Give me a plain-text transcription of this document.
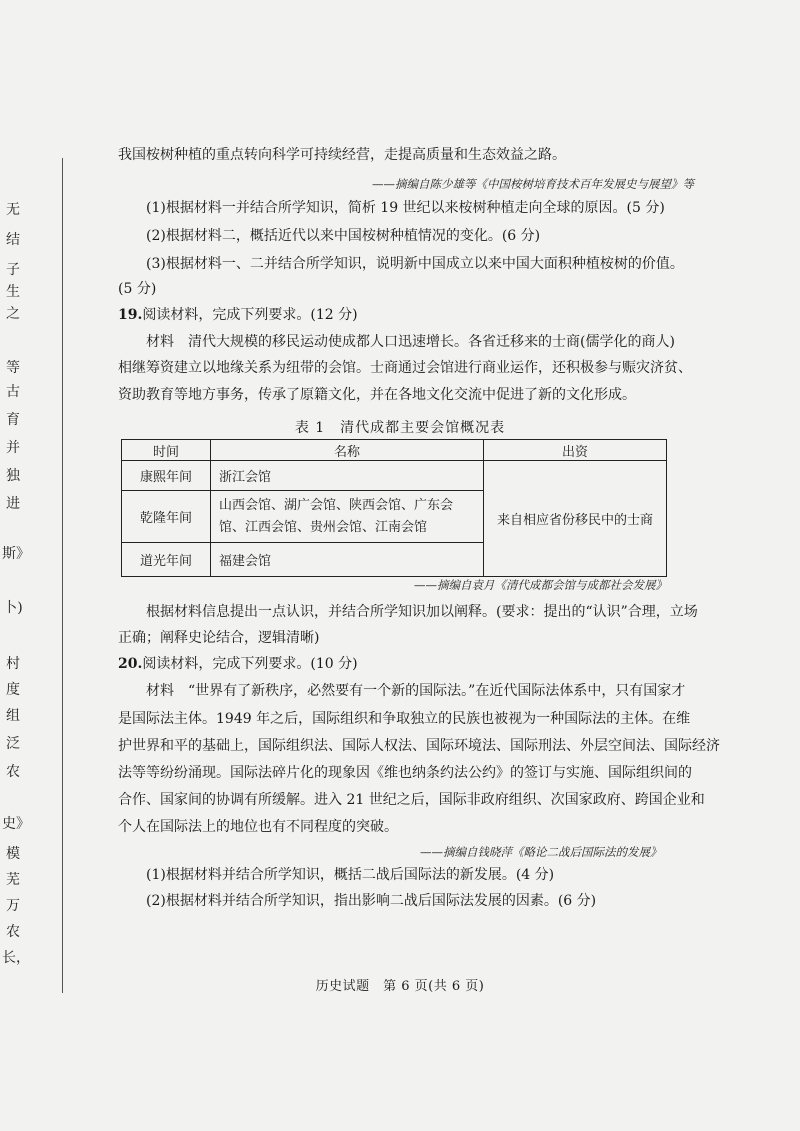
无
结
子
生
之
等
古
育
并
独
进
斯》
卜)
村
度
组
泛
农
史》
模
芜
万
农
长，
我国桉树种植的重点转向科学可持续经营，走提高质量和生态效益之路。
——摘编自陈少雄等《中国桉树培育技术百年发展史与展望》等
(1)根据材料一并结合所学知识，简析 19 世纪以来桉树种植走向全球的原因。(5 分)
(2)根据材料二，概括近代以来中国桉树种植情况的变化。(6 分)
(3)根据材料一、二并结合所学知识，说明新中国成立以来中国大面积种植桉树的价值。
(5 分)
19.阅读材料，完成下列要求。(12 分)
材料　清代大规模的移民运动使成都人口迅速增长。各省迁移来的士商(儒学化的商人)
相继筹资建立以地缘关系为纽带的会馆。士商通过会馆进行商业运作，还积极参与赈灾济贫、
资助教育等地方事务，传承了原籍文化，并在各地文化交流中促进了新的文化形成。
表 1　清代成都主要会馆概况表
时间	名称	出资
康熙年间	浙江会馆	来自相应省份移民中的士商
乾隆年间	山西会馆、湖广会馆、陕西会馆、广东会馆、江西会馆、贵州会馆、江南会馆	

道光年间	福建会馆	
——摘编自袁月《清代成都会馆与成都社会发展》
根据材料信息提出一点认识，并结合所学知识加以阐释。(要求：提出的“认识”合理，立场
正确；阐释史论结合，逻辑清晰)
20.阅读材料，完成下列要求。(10 分)
材料　“世界有了新秩序，必然要有一个新的国际法。”在近代国际法体系中，只有国家才
是国际法主体。1949 年之后，国际组织和争取独立的民族也被视为一种国际法的主体。在维
护世界和平的基础上，国际组织法、国际人权法、国际环境法、国际刑法、外层空间法、国际经济
法等等纷纷涌现。国际法碎片化的现象因《维也纳条约法公约》的签订与实施、国际组织间的
合作、国家间的协调有所缓解。进入 21 世纪之后，国际非政府组织、次国家政府、跨国企业和
个人在国际法上的地位也有不同程度的突破。
——摘编自钱晓萍《略论二战后国际法的发展》
(1)根据材料并结合所学知识，概括二战后国际法的新发展。(4 分)
(2)根据材料并结合所学知识，指出影响二战后国际法发展的因素。(6 分)
历史试题　第 6 页(共 6 页)
